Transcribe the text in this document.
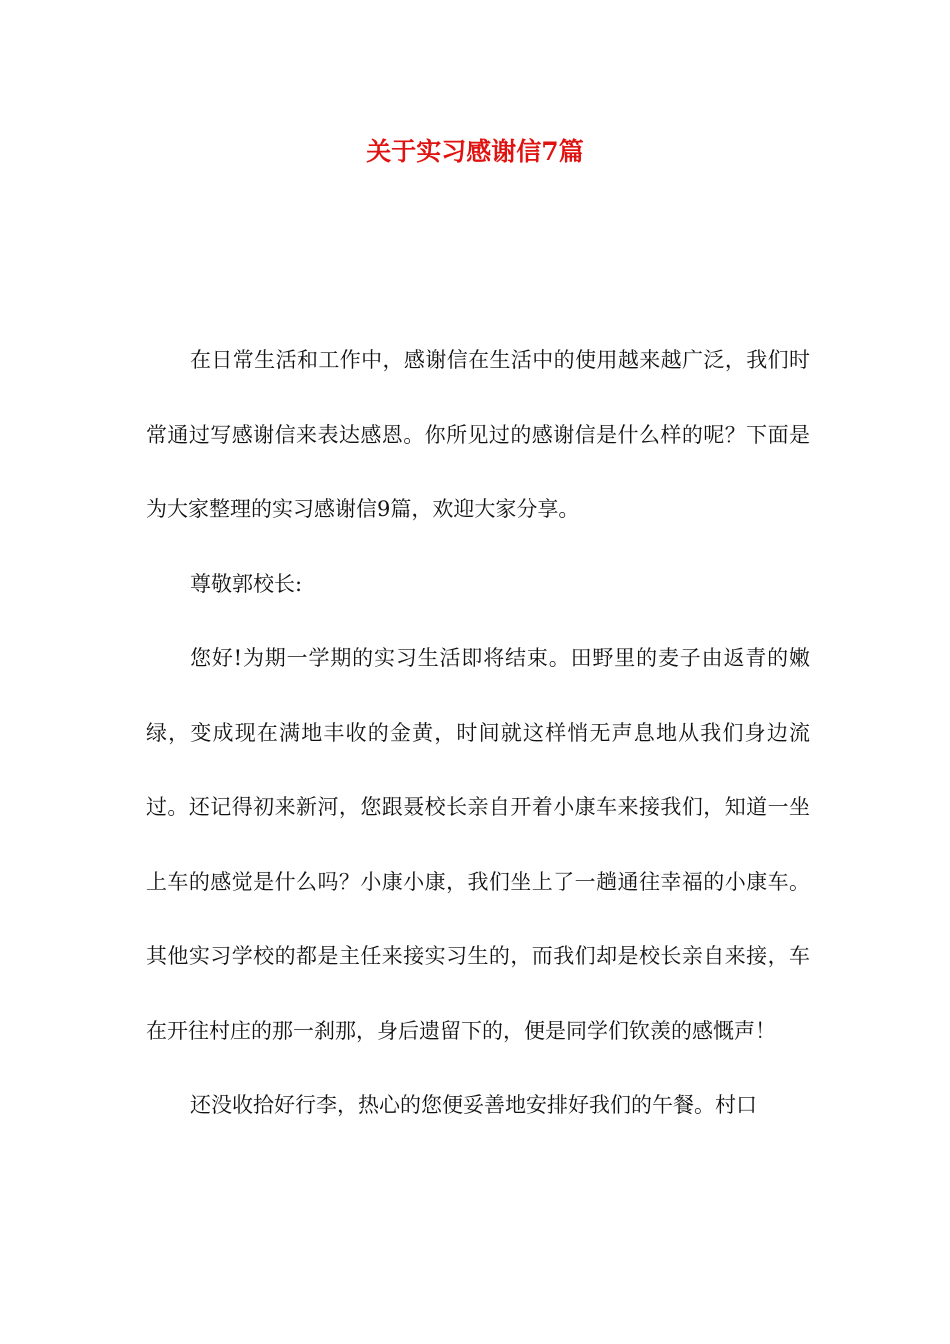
关于实习感谢信7篇

在日常生活和工作中，感谢信在生活中的使用越来越广泛，我们时常通过写感谢信来表达感恩。你所见过的感谢信是什么样的呢？下面是为大家整理的实习感谢信9篇，欢迎大家分享。

尊敬郭校长:

您好!为期一学期的实习生活即将结束。田野里的麦子由返青的嫩绿，变成现在满地丰收的金黄，时间就这样悄无声息地从我们身边流过。还记得初来新河，您跟聂校长亲自开着小康车来接我们，知道一坐上车的感觉是什么吗？小康小康，我们坐上了一趟通往幸福的小康车。其他实习学校的都是主任来接实习生的，而我们却是校长亲自来接，车在开往村庄的那一刹那，身后遗留下的，便是同学们钦羡的感慨声！

还没收拾好行李，热心的您便妥善地安排好我们的午餐。村口
